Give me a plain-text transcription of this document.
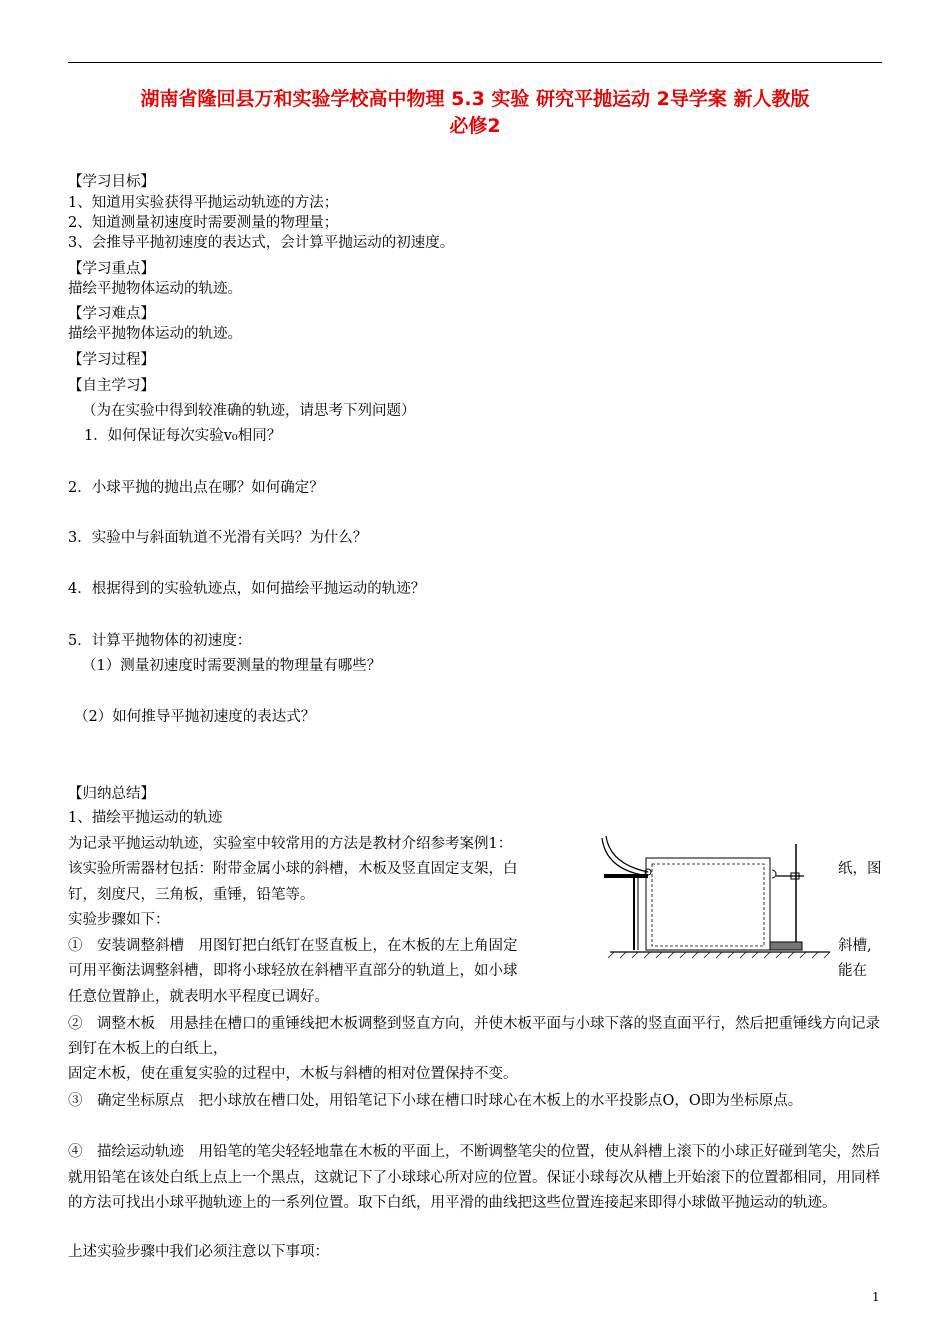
湖南省隆回县万和实验学校高中物理 5.3 实验 研究平抛运动 2导学案 新人教版
必修2
【学习目标】
1、知道用实验获得平抛运动轨迹的方法；
2、知道测量初速度时需要测量的物理量；
3、会推导平抛初速度的表达式，会计算平抛运动的初速度。
【学习重点】
描绘平抛物体运动的轨迹。
【学习难点】
描绘平抛物体运动的轨迹。
【学习过程】
【自主学习】
（为在实验中得到较准确的轨迹，请思考下列问题）
1．如何保证每次实验v₀相同？
2．小球平抛的抛出点在哪？如何确定？
3．实验中与斜面轨道不光滑有关吗？为什么？
4．根据得到的实验轨迹点，如何描绘平抛运动的轨迹？
5．计算平抛物体的初速度：
（1）测量初速度时需要测量的物理量有哪些？
（2）如何推导平抛初速度的表达式？
【归纳总结】
1、描绘平抛运动的轨迹
为记录平抛运动轨迹，实验室中较常用的方法是教材介绍参考案例1：
该实验所需器材包括：附带金属小球的斜槽，木板及竖直固定支架，白	纸，图
钉，刻度尺，三角板，重锤，铅笔等。
实验步骤如下：
①　安装调整斜槽　用图钉把白纸钉在竖直板上，在木板的左上角固定	斜槽,
可用平衡法调整斜槽，即将小球轻放在斜槽平直部分的轨道上，如小球	能在
任意位置静止，就表明水平程度已调好。
②　调整木板　用悬挂在槽口的重锤线把木板调整到竖直方向，并使木板平面与小球下落的竖直面平行，然后把重锤线方向记录到钉在木板上的白纸上，
固定木板，使在重复实验的过程中，木板与斜槽的相对位置保持不变。
③　确定坐标原点　把小球放在槽口处，用铅笔记下小球在槽口时球心在木板上的水平投影点O，O即为坐标原点。
④　描绘运动轨迹　用铅笔的笔尖轻轻地靠在木板的平面上，不断调整笔尖的位置，使从斜槽上滚下的小球正好碰到笔尖，然后就用铅笔在该处白纸上点上一个黑点，这就记下了小球球心所对应的位置。保证小球每次从槽上开始滚下的位置都相同，用同样的方法可找出小球平抛轨迹上的一系列位置。取下白纸，用平滑的曲线把这些位置连接起来即得小球做平抛运动的轨迹。
上述实验步骤中我们必须注意以下事项：
1
